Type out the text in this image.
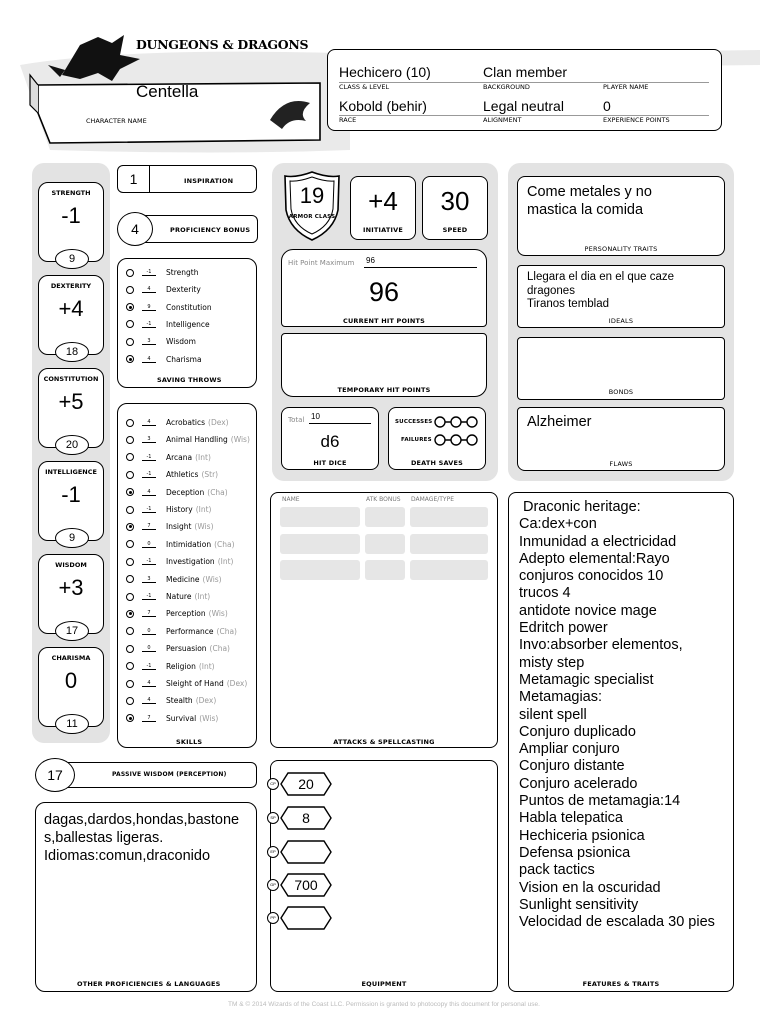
DUNGEONS & DRAGONS
Centella
CHARACTER NAME
Hechicero (10)
CLASS & LEVEL
Clan member
BACKGROUND	PLAYER NAME
Kobold (behir)
RACE
Legal neutral
ALIGNMENT
0
EXPERIENCE POINTS
STRENGTH
-1
9
DEXTERITY
+4
18
CONSTITUTION
+5
20
INTELLIGENCE
-1
9
WISDOM
+3
17
CHARISMA
0
11
1	INSPIRATION
4	PROFICIENCY BONUS
-1	Strength
4	Dexterity
9	Constitution
-1	Intelligence
3	Wisdom
4	Charisma
SAVING THROWS
4	Acrobatics (Dex)
3	Animal Handling (Wis)
-1	Arcana (Int)
-1	Athletics (Str)
4	Deception (Cha)
-1	History (Int)
7	Insight (Wis)
0	Intimidation (Cha)
-1	Investigation (Int)
3	Medicine (Wis)
-1	Nature (Int)
7	Perception (Wis)
0	Performance (Cha)
0	Persuasion (Cha)
-1	Religion (Int)
4	Sleight of Hand (Dex)
4	Stealth (Dex)
7	Survival (Wis)
SKILLS
17	PASSIVE WISDOM (PERCEPTION)
dagas,dardos,hondas,bastone
s,ballestas ligeras.
Idiomas:comun,draconido
OTHER PROFICIENCIES & LANGUAGES
19
ARMOR CLASS
+4
INITIATIVE
30
SPEED
Hit Point Maximum 96
96
CURRENT HIT POINTS
TEMPORARY HIT POINTS
Total 10
d6
HIT DICE
SUCCESSES
FAILURES
DEATH SAVES
NAME	ATK BONUS DAMAGE/TYPE
ATTACKS & SPELLCASTING
CP	20
SP	8
EP
GP	700
PP
EQUIPMENT
Come metales y no mastica la comida
PERSONALITY TRAITS
Llegara el dia en el que caze
dragones
Tiranos temblad
IDEALS
BONDS
Alzheimer
FLAWS
Draconic heritage:
Ca:dex+con
Inmunidad a electricidad
Adepto elemental:Rayo
conjuros conocidos 10
trucos 4
antidote novice mage
Edritch power
Invo:absorber elementos,
misty step
Metamagic specialist
Metamagias:
silent spell
Conjuro duplicado
Ampliar conjuro
Conjuro distante
Conjuro acelerado
Puntos de metamagia:14
Habla telepatica
Hechiceria psionica
Defensa psionica
pack tactics
Vision en la oscuridad
Sunlight sensitivity
Velocidad de escalada 30 pies
FEATURES & TRAITS
TM & © 2014 Wizards of the Coast LLC. Permission is granted to photocopy this document for personal use.
